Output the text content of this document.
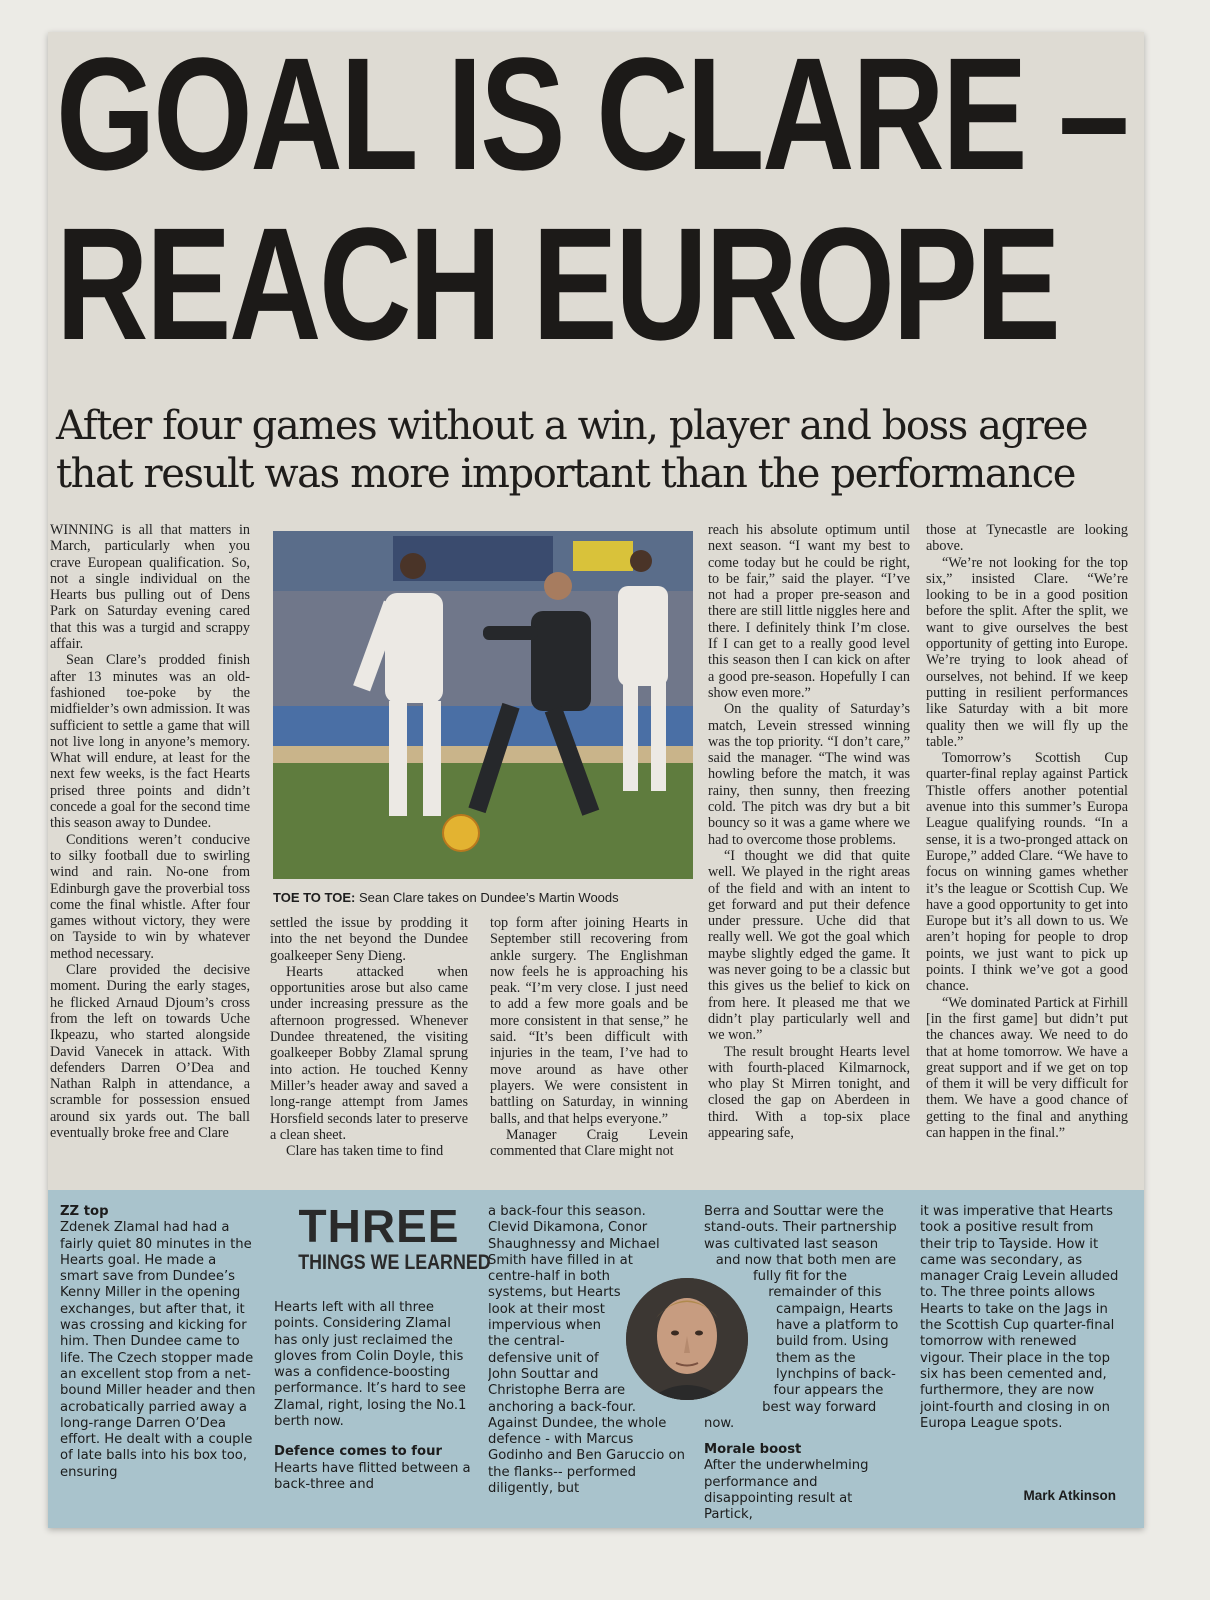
GOAL IS CLARE –
REACH EUROPE
After four games without a win, player and boss agree that result was more important than the performance

WINNING is all that matters in March, particularly when you crave European qualification. So, not a single individual on the Hearts bus pulling out of Dens Park on Saturday evening cared that this was a turgid and scrappy affair.

Sean Clare’s prodded finish after 13 minutes was an old-fashioned toe-poke by the midfielder’s own admission. It was sufficient to settle a game that will not live long in anyone’s memory. What will endure, at least for the next few weeks, is the fact Hearts prised three points and didn’t concede a goal for the second time this season away to Dundee.

Conditions weren’t conducive to silky football due to swirling wind and rain. No-one from Edinburgh gave the proverbial toss come the final whistle. After four games without victory, they were on Tayside to win by whatever method necessary.

Clare provided the decisive moment. During the early stages, he flicked Arnaud Djoum’s cross from the left on towards Uche Ikpeazu, who started alongside David Vanecek in attack. With defenders Darren O’Dea and Nathan Ralph in attendance, a scramble for possession ensued around six yards out. The ball eventually broke free and Clare

TOE TO TOE: Sean Clare takes on Dundee’s Martin Woods

settled the issue by prodding it into the net beyond the Dundee goalkeeper Seny Dieng.

Hearts attacked when opportunities arose but also came under increasing pressure as the afternoon progressed. Whenever Dundee threatened, the visiting goalkeeper Bobby Zlamal sprung into action. He touched Kenny Miller’s header away and saved a long-range attempt from James Horsfield seconds later to preserve a clean sheet.

Clare has taken time to find

top form after joining Hearts in September still recovering from ankle surgery. The Englishman now feels he is approaching his peak. “I’m very close. I just need to add a few more goals and be more consistent in that sense,” he said. “It’s been difficult with injuries in the team, I’ve had to move around as have other players. We were consistent in battling on Saturday, in winning balls, and that helps everyone.”

Manager Craig Levein commented that Clare might not

reach his absolute optimum until next season. “I want my best to come today but he could be right, to be fair,” said the player. “I’ve not had a proper pre-season and there are still little niggles here and there. I definitely think I’m close. If I can get to a really good level this season then I can kick on after a good pre-season. Hopefully I can show even more.”

On the quality of Saturday’s match, Levein stressed winning was the top priority. “I don’t care,” said the manager. “The wind was howling before the match, it was rainy, then sunny, then freezing cold. The pitch was dry but a bit bouncy so it was a game where we had to overcome those problems.

“I thought we did that quite well. We played in the right areas of the field and with an intent to get forward and put their defence under pressure. Uche did that really well. We got the goal which maybe slightly edged the game. It was never going to be a classic but this gives us the belief to kick on from here. It pleased me that we didn’t play particularly well and we won.”

The result brought Hearts level with fourth-placed Kilmarnock, who play St Mirren tonight, and closed the gap on Aberdeen in third. With a top-six place appearing safe,

those at Tynecastle are looking above.

“We’re not looking for the top six,” insisted Clare. “We’re looking to be in a good position before the split. After the split, we want to give ourselves the best opportunity of getting into Europe. We’re trying to look ahead of ourselves, not behind. If we keep putting in resilient performances like Saturday with a bit more quality then we will fly up the table.”

Tomorrow’s Scottish Cup quarter-final replay against Partick Thistle offers another potential avenue into this summer’s Europa League qualifying rounds. “In a sense, it is a two-pronged attack on Europe,” added Clare. “We have to focus on winning games whether it’s the league or Scottish Cup. We have a good opportunity to get into Europe but it’s all down to us. We aren’t hoping for people to drop points, we just want to pick up points. I think we’ve got a good chance.

“We dominated Partick at Firhill [in the first game] but didn’t put the chances away. We need to do that at home tomorrow. We have a great support and if we get on top of them it will be very difficult for them. We have a good chance of getting to the final and anything can happen in the final.”

ZZ top
Zdenek Zlamal had had a fairly quiet 80 minutes in the Hearts goal. He made a smart save from Dundee’s Kenny Miller in the opening exchanges, but after that, it was crossing and kicking for him. Then Dundee came to life. The Czech stopper made an excellent stop from a net-bound Miller header and then acrobatically parried away a long-range Darren O’Dea effort. He dealt with a couple of late balls into his box too, ensuring
THREE
THINGS WE LEARNED
Hearts left with all three points. Considering Zlamal has only just reclaimed the gloves from Colin Doyle, this was a confidence-boosting performance. It’s hard to see Zlamal, right, losing the No.1 berth now.
Defence comes to four
Hearts have flitted between a back-three and
a back-four this season. Clevid Dikamona, Conor Shaughnessy and Michael Smith have filled in at centre-half in both systems, but Hearts look at their most impervious when the central-defensive unit of John Souttar and Christophe Berra are anchoring a back-four. Against Dundee, the whole defence - with Marcus Godinho and Ben Garuccio on the flanks-- performed diligently, but
Berra and Souttar were the stand-outs. Their partnership was cultivated last season and now that both men are fully fit for the remainder of this campaign, Hearts have a platform to build from. Using them as the lynchpins of back-four appears the best way forward now.
Morale boost
After the underwhelming performance and disappointing result at Partick,
it was imperative that Hearts took a positive result from their trip to Tayside. How it came was secondary, as manager Craig Levein alluded to. The three points allows Hearts to take on the Jags in the Scottish Cup quarter-final tomorrow with renewed vigour. Their place in the top six has been cemented and, furthermore, they are now joint-fourth and closing in on Europa League spots.
Mark Atkinson
